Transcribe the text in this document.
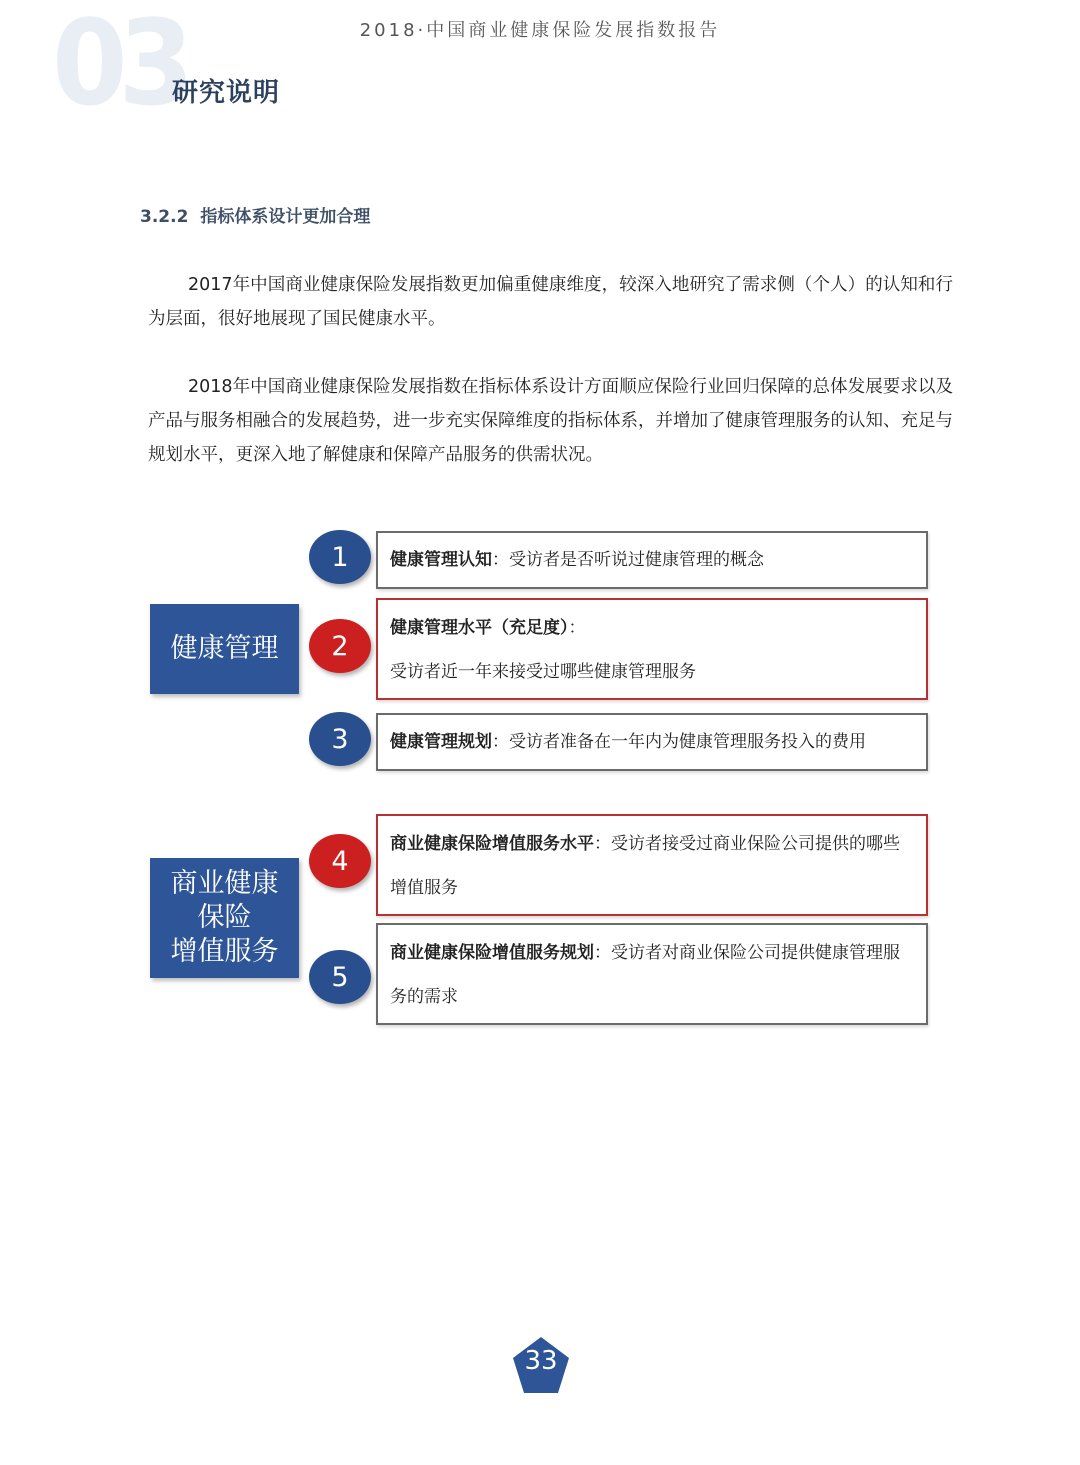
2018·中国商业健康保险发展指数报告
03
研究说明
3.2.2 指标体系设计更加合理

2017年中国商业健康保险发展指数更加偏重健康维度，较深入地研究了需求侧（个人）的认知和行为层面，很好地展现了国民健康水平。

2018年中国商业健康保险发展指数在指标体系设计方面顺应保险行业回归保障的总体发展要求以及产品与服务相融合的发展趋势，进一步充实保障维度的指标体系，并增加了健康管理服务的认知、充足与规划水平，更深入地了解健康和保障产品服务的供需状况。

健康管理
商业健康
保险
增值服务
1	健康管理认知：受访者是否听说过健康管理的概念
2
健康管理水平（充足度）：
受访者近一年来接受过哪些健康管理服务
3	健康管理规划：受访者准备在一年内为健康管理服务投入的费用
4
商业健康保险增值服务水平：受访者接受过商业保险公司提供的哪些增值服务
5
商业健康保险增值服务规划：受访者对商业保险公司提供健康管理服务的需求
33
